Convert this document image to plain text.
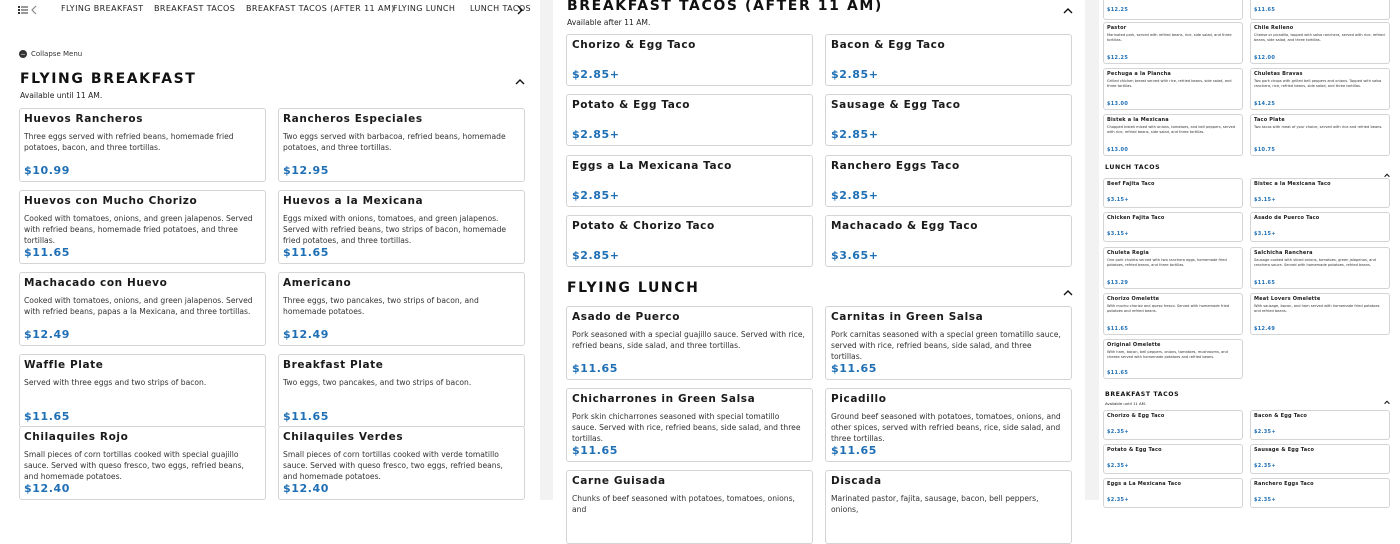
FLYING BREAKFAST BREAKFAST TACOS BREAKFAST TACOS (AFTER 11 AM)
FLYING LUNCH LUNCH TACOS
− Collapse Menu
FLYING BREAKFAST
Available until 11 AM.
Huevos Rancheros
Three eggs served with refried beans, homemade fried potatoes, bacon, and three tortillas.
$10.99
Rancheros Especiales
Two eggs served with barbacoa, refried beans, homemade potatoes, and three tortillas.
$12.95
Huevos con Mucho Chorizo
Cooked with tomatoes, onions, and green jalapenos. Served with refried beans, homemade fried potatoes, and three tortillas.
$11.65
Huevos a la Mexicana
Eggs mixed with onions, tomatoes, and green jalapenos. Served with refried beans, two strips of bacon, homemade fried potatoes, and three tortillas.
$11.65
Machacado con Huevo
Cooked with tomatoes, onions, and green jalapenos. Served with refried beans, papas a la Mexicana, and three tortillas.
$12.49
Americano
Three eggs, two pancakes, two strips of bacon, and homemade potatoes.
$12.49
Waffle Plate
Served with three eggs and two strips of bacon.
$11.65
Breakfast Plate
Two eggs, two pancakes, and two strips of bacon.
$11.65
Chilaquiles Rojo
Small pieces of corn tortillas cooked with special guajillo sauce. Served with queso fresco, two eggs, refried beans, and homemade potatoes.
$12.40
Chilaquiles Verdes
Small pieces of corn tortillas cooked with verde tomatillo sauce. Served with queso fresco, two eggs, refried beans, and homemade potatoes.
$12.40
BREAKFAST TACOS (AFTER 11 AM)
Available after 11 AM.
Chorizo & Egg Taco
$2.85+
Bacon & Egg Taco
$2.85+
Potato & Egg Taco
$2.85+
Sausage & Egg Taco
$2.85+
Eggs a La Mexicana Taco
$2.85+
Ranchero Eggs Taco
$2.85+
Potato & Chorizo Taco
$2.85+
Machacado & Egg Taco
$3.65+
FLYING LUNCH
Asado de Puerco
Pork seasoned with a special guajillo sauce. Served with rice, refried beans, side salad, and three tortillas.
$11.65
Carnitas in Green Salsa
Pork carnitas seasoned with a special green tomatillo sauce, served with rice, refried beans, side salad, and three tortillas.
$11.65
Chicharrones in Green Salsa
Pork skin chicharrones seasoned with special tomatillo sauce. Served with rice, refried beans, side salad, and three tortillas.
$11.65
Picadillo
Ground beef seasoned with potatoes, tomatoes, onions, and other spices, served with refried beans, rice, side salad, and three tortillas.
$11.65
Carne Guisada
Chunks of beef seasoned with potatoes, tomatoes, onions, and
Discada
Marinated pastor, fajita, sausage, bacon, bell peppers, onions,
$12.25	$11.65
Pastor
Marinated pork, served with refried beans, rice, side salad, and three tortillas.
$12.25
Chile Relleno
Cheese or picadillo, topped with salsa ranchera, served with rice, refried beans, side salad, and three tortillas.
$12.00
Pechuga a la Plancha
Grilled chicken breast served with rice, refried beans, side salad, and three tortillas.
$13.00
Chuletas Bravas
Two pork chops with grilled bell peppers and onions. Topped with salsa ranchera, rice, refried beans, side salad, and three tortillas.
$14.25
Bistek a la Mexicana
Chopped bistek mixed with onions, tomatoes, and bell peppers, served with rice, refried beans, side salad, and three tortillas.
$13.00
Taco Plate
Two tacos with meat of your choice, served with rice and refried beans.
$10.75
Beef Fajita Taco
$3.15+
Bistec a la Mexicana Taco
$3.15+
Chicken Fajita Taco
$3.15+
Asado de Puerco Taco
$3.15+
Chuleta Regia
One pork chuleta served with two ranchero eggs, homemade fried potatoes, refried beans, and three tortillas.
$13.29
Salchicha Ranchera
Sausage cooked with sliced onions, tomatoes, green jalapenos, and ranchero sauce. Served with homemade potatoes, refried beans.
$11.65
Chorizo Omelette
With mucho chorizo and queso fresco. Served with homemade fried potatoes and refried beans.
$11.65
Meat Lovers Omelette
With sausage, bacon, and ham served with homemade fried potatoes and refried beans.
$12.49
Original Omelette
With ham, bacon, bell peppers, onions, tomatoes, mushrooms, and cheese served with homemade potatoes and refried beans.
$11.65
Chorizo & Egg Taco
$2.35+
Bacon & Egg Taco
$2.35+
Potato & Egg Taco
$2.35+
Sausage & Egg Taco
$2.35+
Eggs a La Mexicana Taco
$2.35+
Ranchero Eggs Taco
$2.35+
LUNCH TACOS
BREAKFAST TACOS
Available until 11 AM.
